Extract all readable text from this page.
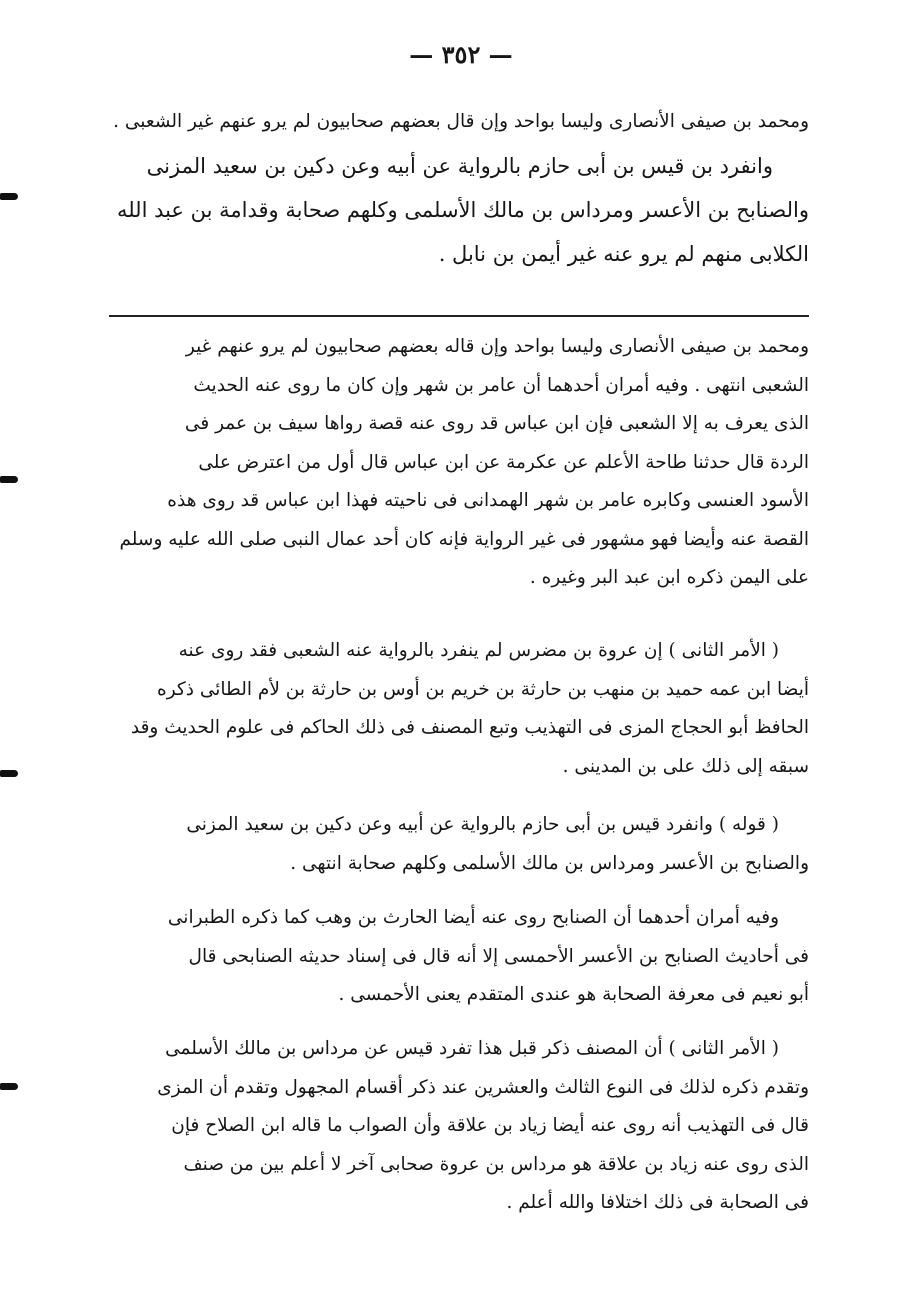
— ٣٥٢ —
ومحمد بن صيفى الأنصارى وليسا بواحد وإن قال بعضهم صحابيون لم يرو عنهم غير الشعبى .
وانفرد بن قيس بن أبى حازم بالرواية عن أبيه وعن دكين بن سعيد المزنى
والصنابح بن الأعسر ومرداس بن مالك الأسلمى وكلهم صحابة وقدامة بن عبد الله
الكلابى منهم لم يرو عنه غير أيمن بن نابل .
ومحمد بن صيفى الأنصارى وليسا بواحد وإن قاله بعضهم صحابيون لم يرو عنهم غير
الشعبى انتهى . وفيه أمران أحدهما أن عامر بن شهر وإن كان ما روى عنه الحديث
الذى يعرف به إلا الشعبى فإن ابن عباس قد روى عنه قصة رواها سيف بن عمر فى
الردة قال حدثنا طاحة الأعلم عن عكرمة عن ابن عباس قال أول من اعترض على
الأسود العنسى وكابره عامر بن شهر الهمدانى فى ناحيته فهذا ابن عباس قد روى هذه
القصة عنه وأيضا فهو مشهور فى غير الرواية فإنه كان أحد عمال النبى صلى الله عليه وسلم
على اليمن ذكره ابن عبد البر وغيره .
( الأمر الثانى ) إن عروة بن مضرس لم ينفرد بالرواية عنه الشعبى فقد روى عنه
أيضا ابن عمه حميد بن منهب بن حارثة بن خريم بن أوس بن حارثة بن لأم الطائى ذكره
الحافظ أبو الحجاج المزى فى التهذيب وتبع المصنف فى ذلك الحاكم فى علوم الحديث وقد
سبقه إلى ذلك على بن المدينى .
( قوله ) وانفرد قيس بن أبى حازم بالرواية عن أبيه وعن دكين بن سعيد المزنى
والصنابح بن الأعسر ومرداس بن مالك الأسلمى وكلهم صحابة انتهى .
وفيه أمران أحدهما أن الصنابح روى عنه أيضا الحارث بن وهب كما ذكره الطبرانى
فى أحاديث الصنابح بن الأعسر الأحمسى إلا أنه قال فى إسناد حديثه الصنابحى قال
أبو نعيم فى معرفة الصحابة هو عندى المتقدم يعنى الأحمسى .
( الأمر الثانى ) أن المصنف ذكر قبل هذا تفرد قيس عن مرداس بن مالك الأسلمى
وتقدم ذكره لذلك فى النوع الثالث والعشرين عند ذكر أقسام المجهول وتقدم أن المزى
قال فى التهذيب أنه روى عنه أيضا زياد بن علاقة وأن الصواب ما قاله ابن الصلاح فإن
الذى روى عنه زياد بن علاقة هو مرداس بن عروة صحابى آخر لا أعلم بين من صنف
فى الصحابة فى ذلك اختلافا والله أعلم .
